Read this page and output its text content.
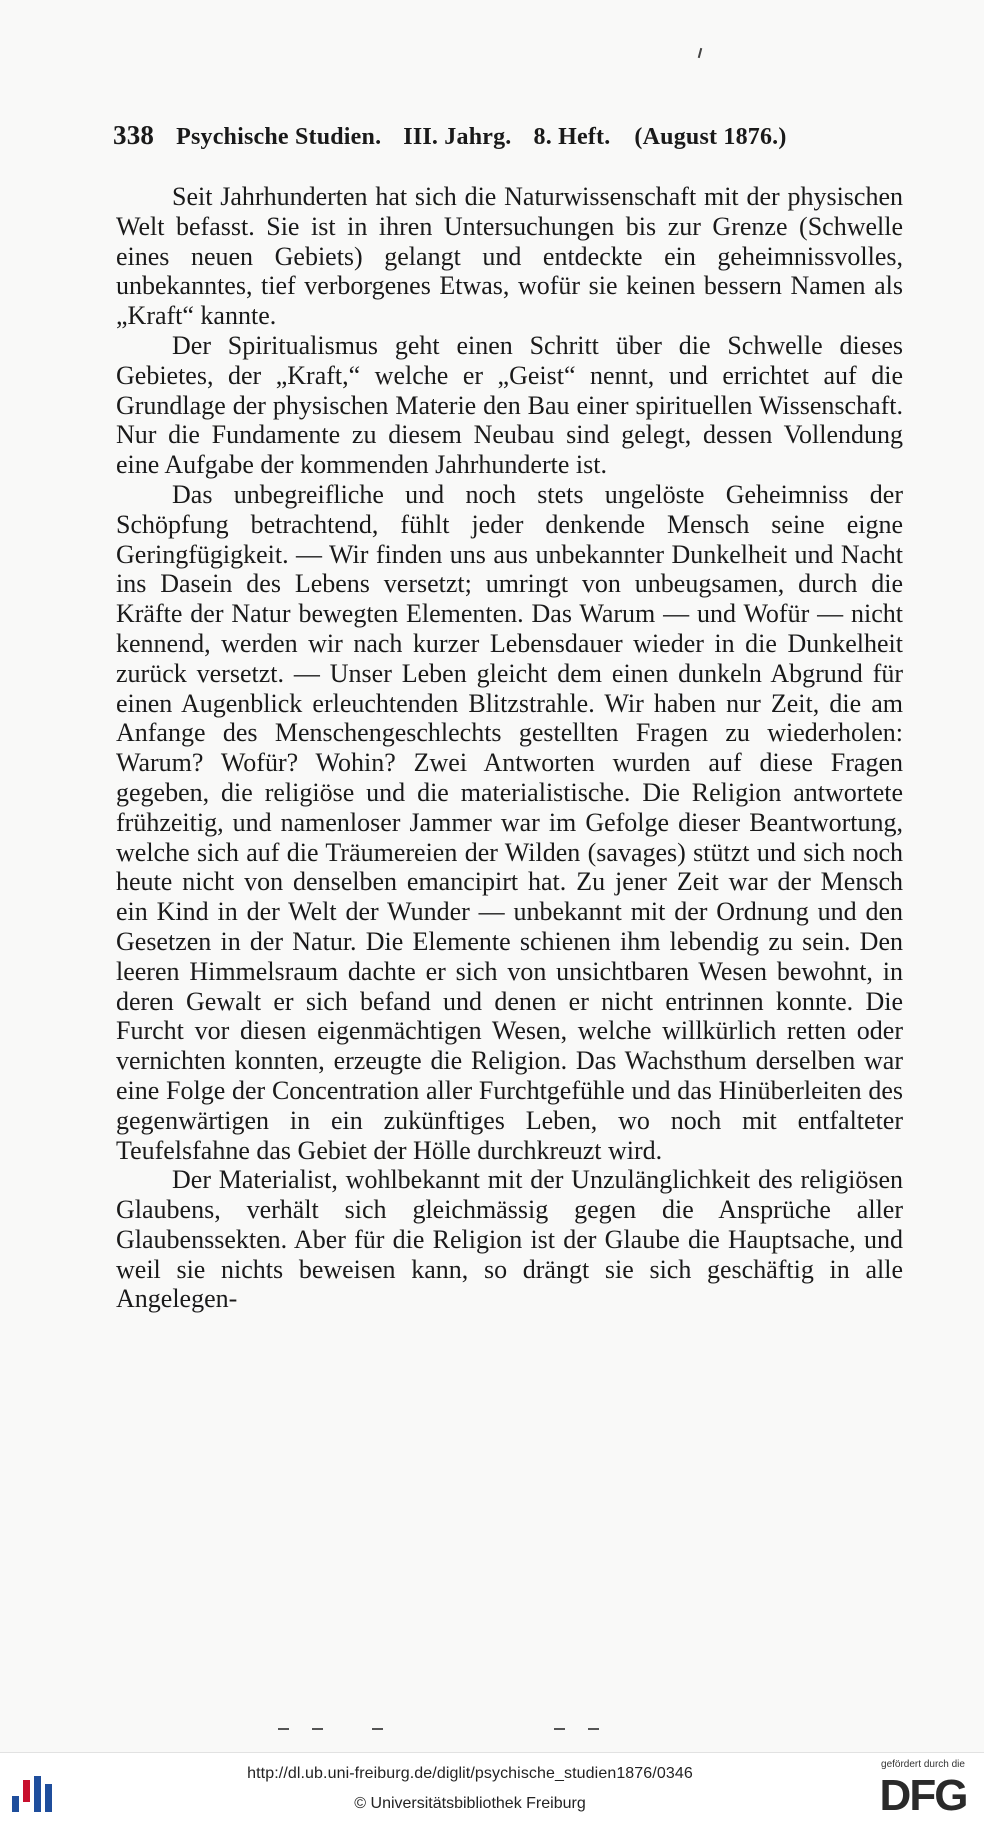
338 Psychische Studien. III. Jahrg. 8. Heft. (August 1876.)

Seit Jahrhunderten hat sich die Naturwissenschaft mit der physischen Welt befasst. Sie ist in ihren Untersuchungen bis zur Grenze (Schwelle eines neuen Gebiets) gelangt und entdeckte ein geheimnissvolles, unbekanntes, tief verborgenes Etwas, wofür sie keinen bessern Namen als „Kraft“ kannte.

Der Spiritualismus geht einen Schritt über die Schwelle dieses Gebietes, der „Kraft,“ welche er „Geist“ nennt, und errichtet auf die Grundlage der physischen Materie den Bau einer spirituellen Wissenschaft. Nur die Fundamente zu diesem Neubau sind gelegt, dessen Vollendung eine Aufgabe der kommenden Jahrhunderte ist.

Das unbegreifliche und noch stets ungelöste Geheimniss der Schöpfung betrachtend, fühlt jeder denkende Mensch seine eigne Geringfügigkeit. — Wir finden uns aus unbekannter Dunkelheit und Nacht ins Dasein des Lebens versetzt; umringt von unbeugsamen, durch die Kräfte der Natur bewegten Elementen. Das Warum — und Wofür — nicht kennend, werden wir nach kurzer Lebensdauer wieder in die Dunkelheit zurück versetzt. — Unser Leben gleicht dem einen dunkeln Abgrund für einen Augenblick erleuchtenden Blitzstrahle. Wir haben nur Zeit, die am Anfange des Menschengeschlechts gestellten Fragen zu wiederholen: Warum? Wofür? Wohin? Zwei Antworten wurden auf diese Fragen gegeben, die religiöse und die materialistische. Die Religion antwortete frühzeitig, und namenloser Jammer war im Gefolge dieser Beantwortung, welche sich auf die Träumereien der Wilden (savages) stützt und sich noch heute nicht von denselben emancipirt hat. Zu jener Zeit war der Mensch ein Kind in der Welt der Wunder — unbekannt mit der Ordnung und den Gesetzen in der Natur. Die Elemente schienen ihm lebendig zu sein. Den leeren Himmelsraum dachte er sich von unsichtbaren Wesen bewohnt, in deren Gewalt er sich befand und denen er nicht entrinnen konnte. Die Furcht vor diesen eigenmächtigen Wesen, welche willkürlich retten oder vernichten konnten, erzeugte die Religion. Das Wachsthum derselben war eine Folge der Concentration aller Furchtgefühle und das Hinüberleiten des gegenwärtigen in ein zukünftiges Leben, wo noch mit entfalteter Teufelsfahne das Gebiet der Hölle durchkreuzt wird.

Der Materialist, wohlbekannt mit der Unzulänglichkeit des religiösen Glaubens, verhält sich gleichmässig gegen die Ansprüche aller Glaubenssekten. Aber für die Religion ist der Glaube die Hauptsache, und weil sie nichts beweisen kann, so drängt sie sich geschäftig in alle Angelegen-

http://dl.ub.uni-freiburg.de/diglit/psychische_studien1876/0346
© Universitätsbibliothek Freiburg
gefördert durch die
DFG
